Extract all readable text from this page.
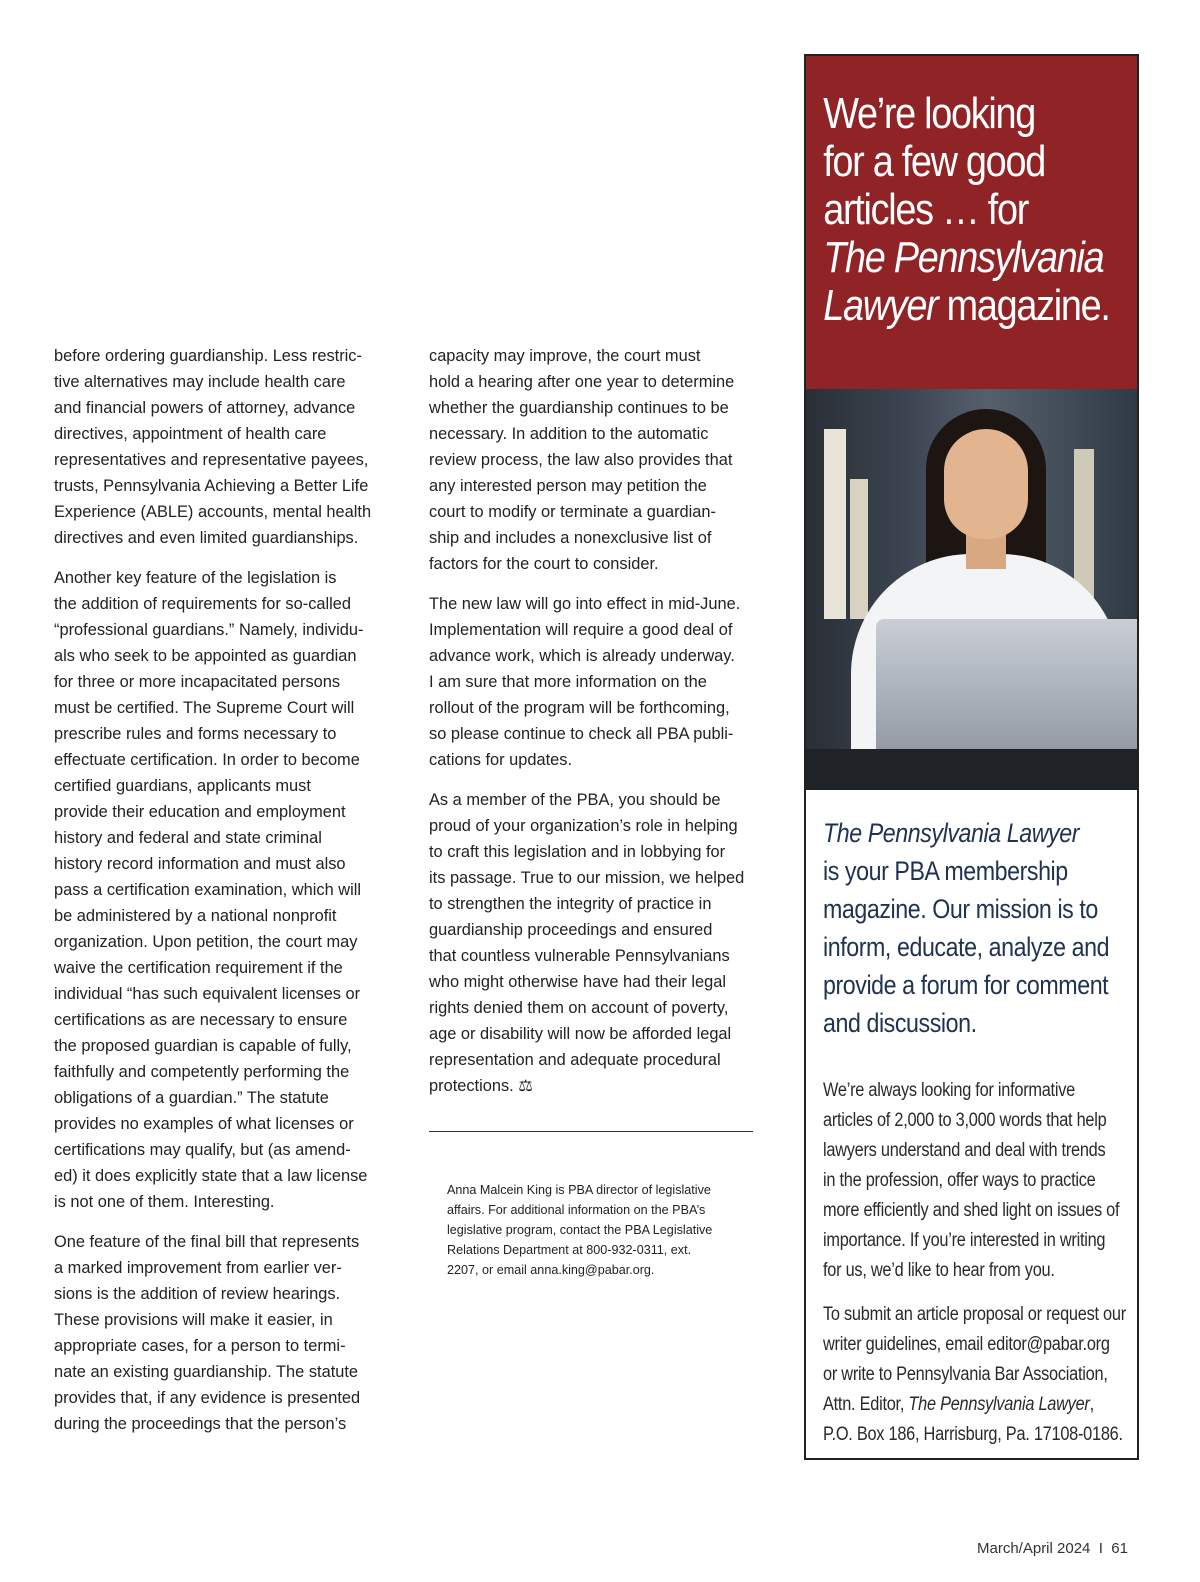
before ordering guardianship. Less restric-
tive alternatives may include health care
and financial powers of attorney, advance
directives, appointment of health care
representatives and representative payees,
trusts, Pennsylvania Achieving a Better Life
Experience (ABLE) accounts, mental health
directives and even limited guardianships.

Another key feature of the legislation is
the addition of requirements for so-called
“professional guardians.” Namely, individu-
als who seek to be appointed as guardian
for three or more incapacitated persons
must be certified. The Supreme Court will
prescribe rules and forms necessary to
effectuate certification. In order to become
certified guardians, applicants must
provide their education and employment
history and federal and state criminal
history record information and must also
pass a certification examination, which will
be administered by a national nonprofit
organization. Upon petition, the court may
waive the certification requirement if the
individual “has such equivalent licenses or
certifications as are necessary to ensure
the proposed guardian is capable of fully,
faithfully and competently performing the
obligations of a guardian.” The statute
provides no examples of what licenses or
certifications may qualify, but (as amend-
ed) it does explicitly state that a law license
is not one of them. Interesting.

One feature of the final bill that represents
a marked improvement from earlier ver-
sions is the addition of review hearings.
These provisions will make it easier, in
appropriate cases, for a person to termi-
nate an existing guardianship. The statute
provides that, if any evidence is presented
during the proceedings that the person’s

capacity may improve, the court must
hold a hearing after one year to determine
whether the guardianship continues to be
necessary. In addition to the automatic
review process, the law also provides that
any interested person may petition the
court to modify or terminate a guardian-
ship and includes a nonexclusive list of
factors for the court to consider.

The new law will go into effect in mid-June.
Implementation will require a good deal of
advance work, which is already underway.
I am sure that more information on the
rollout of the program will be forthcoming,
so please continue to check all PBA publi-
cations for updates.

As a member of the PBA, you should be
proud of your organization’s role in helping
to craft this legislation and in lobbying for
its passage. True to our mission, we helped
to strengthen the integrity of practice in
guardianship proceedings and ensured
that countless vulnerable Pennsylvanians
who might otherwise have had their legal
rights denied them on account of poverty,
age or disability will now be afforded legal
representation and adequate procedural
protections. ⚖

Anna Malcein King is PBA director of legislative
affairs. For additional information on the PBA’s
legislative program, contact the PBA Legislative
Relations Department at 800-932-0311, ext.
2207, or email anna.king@pabar.org.
We’re looking
for a few good
articles … for
The Pennsylvania
Lawyer magazine.
The Pennsylvania Lawyer
is your PBA membership
magazine. Our mission is to
inform, educate, analyze and
provide a forum for comment
and discussion.

We’re always looking for informative
articles of 2,000 to 3,000 words that help
lawyers understand and deal with trends
in the profession, offer ways to practice
more efficiently and shed light on issues of
importance. If you’re interested in writing
for us, we’d like to hear from you.

To submit an article proposal or request our
writer guidelines, email editor@pabar.org
or write to Pennsylvania Bar Association,
Attn. Editor, The Pennsylvania Lawyer,
P.O. Box 186, Harrisburg, Pa. 17108-0186.

March/April 2024  I  61
